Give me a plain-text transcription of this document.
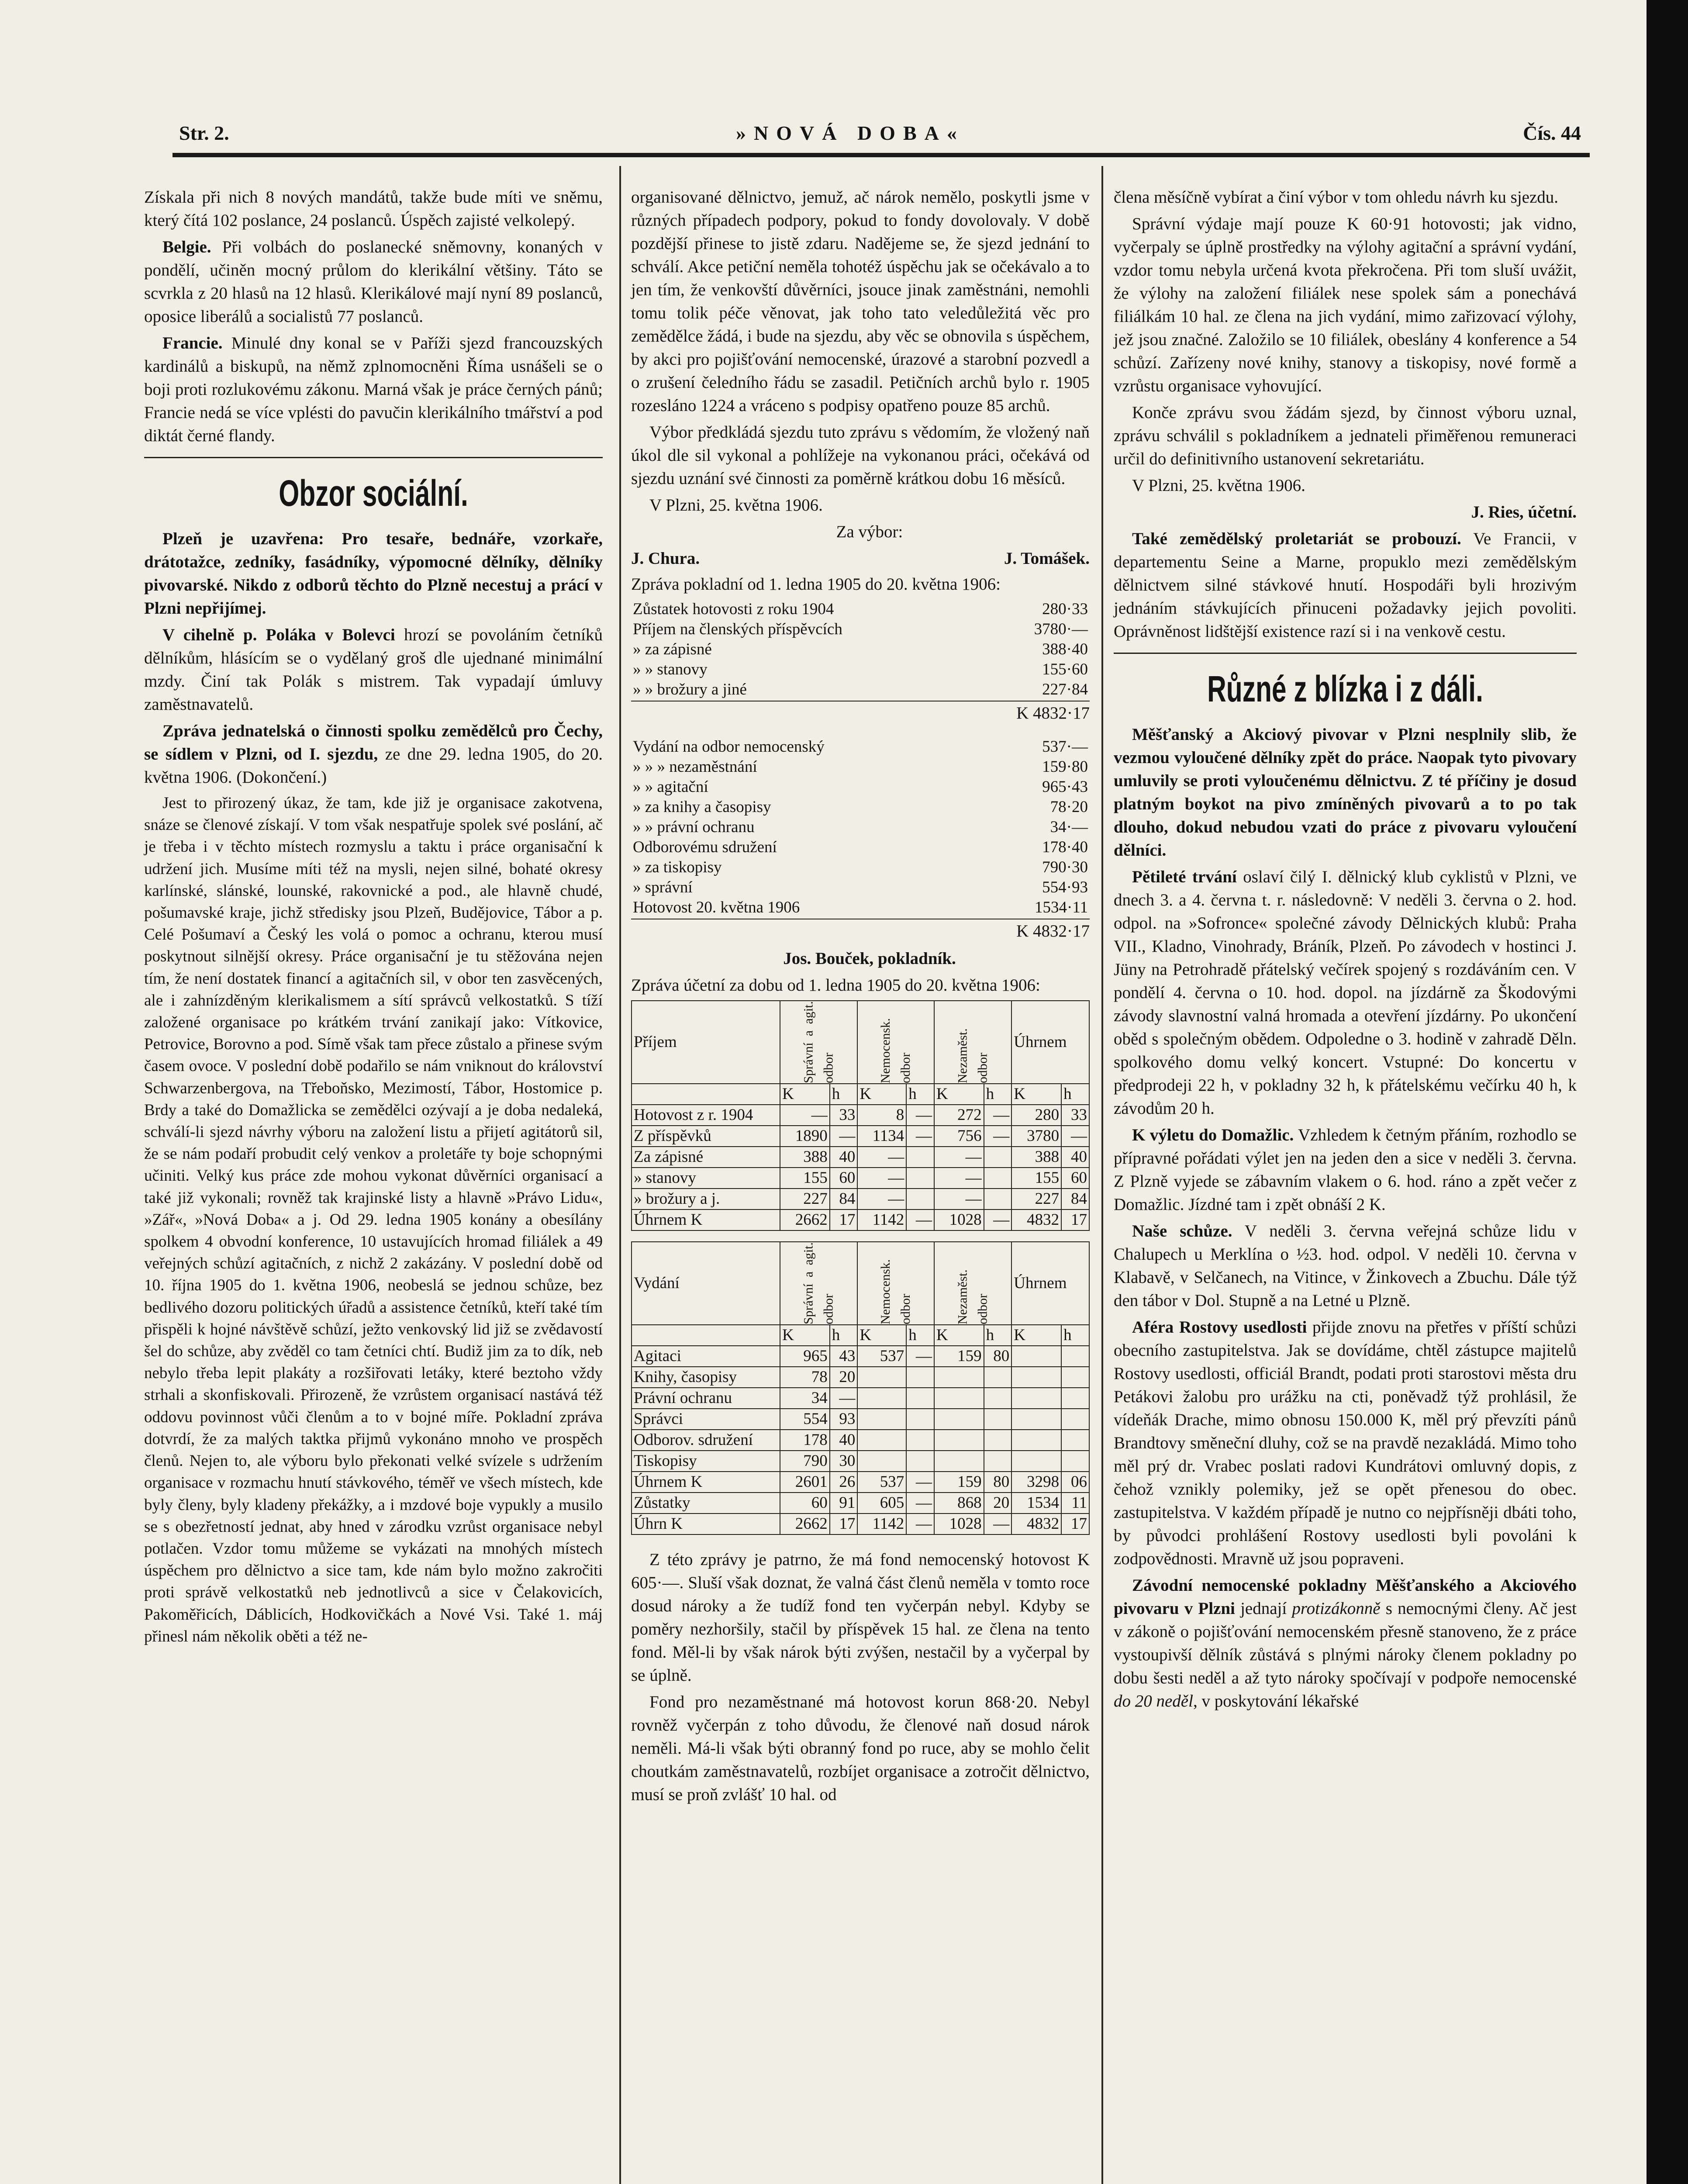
Str. 2.	»NOVÁ DOBA«	Čís. 44

Získala při nich 8 nových mandátů, takže bude míti ve sněmu, který čítá 102 poslance, 24 poslanců. Úspěch zajisté velkolepý.

Belgie. Při volbách do poslanecké sněmovny, konaných v pondělí, učiněn mocný průlom do klerikální většiny. Táto se scvrkla z 20 hlasů na 12 hlasů. Klerikálové mají nyní 89 poslanců, oposice liberálů a socialistů 77 poslanců.

Francie. Minulé dny konal se v Paříži sjezd francouzských kardinálů a biskupů, na němž zplnomocněni Říma usnášeli se o boji proti rozlukovému zákonu. Marná však je práce černých pánů; Francie nedá se více vplésti do pavučin klerikálního tmářství a pod diktát černé flandy.

Obzor sociální.

Plzeň je uzavřena: Pro tesaře, bednáře, vzorkaře, drátotažce, zedníky, fasádníky, výpomocné dělníky, dělníky pivovarské. Nikdo z odborů těchto do Plzně necestuj a prácí v Plzni nepřijímej.

V cihelně p. Poláka v Bolevci hrozí se povoláním četníků dělníkům, hlásícím se o vydělaný groš dle ujednané minimální mzdy. Činí tak Polák s mistrem. Tak vypadají úmluvy zaměstnavatelů.

Zpráva jednatelská o činnosti spolku zemědělců pro Čechy, se sídlem v Plzni, od I. sjezdu, ze dne 29. ledna 1905, do 20. května 1906. (Dokončení.)

Jest to přirozený úkaz, že tam, kde již je organisace zakotvena, snáze se členové získají. V tom však nespatřuje spolek své poslání, ač je třeba i v těchto místech rozmyslu a taktu i práce organisační k udržení jich. Musíme míti též na mysli, nejen silné, bohaté okresy karlínské, slánské, lounské, rakovnické a pod., ale hlavně chudé, pošumavské kraje, jichž středisky jsou Plzeň, Budějovice, Tábor a p. Celé Pošumaví a Český les volá o pomoc a ochranu, kterou musí poskytnout silnější okresy. Práce organisační je tu stěžována nejen tím, že není dostatek financí a agitačních sil, v obor ten zasvěcených, ale i zahnízděným klerikalismem a sítí správců velkostatků. S tíží založené organisace po krátkém trvání zanikají jako: Vítkovice, Petrovice, Borovno a pod. Símě však tam přece zůstalo a přinese svým časem ovoce. V poslední době podařilo se nám vniknout do království Schwarzenbergova, na Třeboňsko, Mezimostí, Tábor, Hostomice p. Brdy a také do Domažlicka se zemědělci ozývají a je doba nedaleká, schválí-li sjezd návrhy výboru na založení listu a přijetí agitátorů sil, že se nám podaří probudit celý venkov a proletáře ty boje schopnými učiniti. Velký kus práce zde mohou vykonat důvěrníci organisací a také již vykonali; rovněž tak krajinské listy a hlavně »Právo Lidu«, »Zář«, »Nová Doba« a j. Od 29. ledna 1905 konány a obesílány spolkem 4 obvodní konference, 10 ustavujících hromad filiálek a 49 veřejných schůzí agitačních, z nichž 2 zakázány. V poslední době od 10. října 1905 do 1. května 1906, neobeslá se jednou schůze, bez bedlivého dozoru politických úřadů a assistence četníků, kteří také tím přispěli k hojné návštěvě schůzí, ježto venkovský lid již se zvědavostí šel do schůze, aby zvěděl co tam četníci chtí. Budiž jim za to dík, neb nebylo třeba lepit plakáty a rozšiřovati letáky, které beztoho vždy strhali a skonfiskovali. Přirozeně, že vzrůstem organisací nastává též oddovu povinnost vůči členům a to v bojné míře. Pokladní zpráva dotvrdí, že za malých taktka přijmů vykonáno mnoho ve prospěch členů. Nejen to, ale výboru bylo překonati velké svízele s udržením organisace v rozmachu hnutí stávkového, téměř ve všech místech, kde byly členy, byly kladeny překážky, a i mzdové boje vypukly a musilo se s obezřetností jednat, aby hned v zárodku vzrůst organisace nebyl potlačen. Vzdor tomu můžeme se vykázati na mnohých místech úspěchem pro dělnictvo a sice tam, kde nám bylo možno zakročiti proti správě velkostatků neb jednotlivců a sice v Čelakovicích, Pakoměřicích, Dáblicích, Hodkovičkách a Nové Vsi. Také 1. máj přinesl nám několik oběti a též ne-

organisované dělnictvo, jemuž, ač nárok nemělo, poskytli jsme v různých případech podpory, pokud to fondy dovolovaly. V době pozdější přinese to jistě zdaru. Nadějeme se, že sjezd jednání to schválí. Akce petiční neměla tohotéž úspěchu jak se očekávalo a to jen tím, že venkovští důvěrníci, jsouce jinak zaměstnáni, nemohli tomu tolik péče věnovat, jak toho tato veledůležitá věc pro zemědělce žádá, i bude na sjezdu, aby věc se obnovila s úspěchem, by akci pro pojišťování nemocenské, úrazové a starobní pozvedl a o zrušení čeledního řádu se zasadil. Petičních archů bylo r. 1905 rozesláno 1224 a vráceno s podpisy opatřeno pouze 85 archů.

Výbor předkládá sjezdu tuto zprávu s vědomím, že vložený naň úkol dle sil vykonal a pohlížeje na vykonanou práci, očekává od sjezdu uznání své činnosti za poměrně krátkou dobu 16 měsíců.

V Plzni, 25. května 1906.

Za výbor:

J. Chura.	J. Tomášek.

Zpráva pokladní od 1. ledna 1905 do 20. května 1906:

Zůstatek hotovosti z roku 1904	280·33
Příjem na členských příspěvcích	3780·—
» za zápisné	388·40
» » stanovy	155·60
» » brožury a jiné	227·84
K 4832·17
Vydání na odbor nemocenský	537·—
» » » nezaměstnání	159·80
» » agitační	965·43
» za knihy a časopisy	78·20
» » právní ochranu	34·—
Odborovému sdružení	178·40
» za tiskopisy	790·30
» správní	554·93
Hotovost 20. května 1906	1534·11
K 4832·17

Jos. Bouček, pokladník.

Zpráva účetní za dobu od 1. ledna 1905 do 20. května 1906:

Příjem	Správní a agit. odbor		Nemocensk. odbor		Nezaměst. odbor		Úhrnem	
	K	h	K	h	K	h	K	h
Hotovost z r. 1904	—	33	8	—	272	—	280	33
Z příspěvků	1890	—	1134	—	756	—	3780	—
Za zápisné	388	40	—		—		388	40
» stanovy	155	60	—		—		155	60
» brožury a j.	227	84	—		—		227	84
Úhrnem K	2662	17	1142	—	1028	—	4832	17
Vydání	Správní a agit. odbor		Nemocensk. odbor		Nezaměst. odbor		Úhrnem	
	K	h	K	h	K	h	K	h
Agitaci	965	43	537	—	159	80		
Knihy, časopisy	78	20						
Právní ochranu	34	—						
Správci	554	93						
Odborov. sdružení	178	40						
Tiskopisy	790	30						
Úhrnem K	2601	26	537	—	159	80	3298	06
Zůstatky	60	91	605	—	868	20	1534	11
Úhrn K	2662	17	1142	—	1028	—	4832	17

Z této zprávy je patrno, že má fond nemocenský hotovost K 605·—. Sluší však doznat, že valná část členů neměla v tomto roce dosud nároky a že tudíž fond ten vyčerpán nebyl. Kdyby se poměry nezhoršily, stačil by příspěvek 15 hal. ze člena na tento fond. Měl-li by však nárok býti zvýšen, nestačil by a vyčerpal by se úplně.

Fond pro nezaměstnané má hotovost korun 868·20. Nebyl rovněž vyčerpán z toho důvodu, že členové naň dosud nárok neměli. Má-li však býti obranný fond po ruce, aby se mohlo čelit choutkám zaměstnavatelů, rozbíjet organisace a zotročit dělnictvo, musí se proň zvlášť 10 hal. od

člena měsíčně vybírat a činí výbor v tom ohledu návrh ku sjezdu.

Správní výdaje mají pouze K 60·91 hotovosti; jak vidno, vyčerpaly se úplně prostředky na výlohy agitační a správní vydání, vzdor tomu nebyla určená kvota překročena. Při tom sluší uvážit, že výlohy na založení filiálek nese spolek sám a ponechává filiálkám 10 hal. ze člena na jich vydání, mimo zařizovací výlohy, jež jsou značné. Založilo se 10 filiálek, obeslány 4 konference a 54 schůzí. Zařízeny nové knihy, stanovy a tiskopisy, nové formě a vzrůstu organisace vyhovující.

Konče zprávu svou žádám sjezd, by činnost výboru uznal, zprávu schválil s pokladníkem a jednateli přiměřenou remuneraci určil do definitivního ustanovení sekretariátu.

V Plzni, 25. května 1906.

J. Ries, účetní.

Také zemědělský proletariát se probouzí. Ve Francii, v departementu Seine a Marne, propuklo mezi zemědělským dělnictvem silné stávkové hnutí. Hospodáři byli hrozivým jednáním stávkujících přinuceni požadavky jejich povoliti. Oprávněnost lidštější existence razí si i na venkově cestu.

Různé z blízka i z dáli.

Měšťanský a Akciový pivovar v Plzni nesplnily slib, že vezmou vyloučené dělníky zpět do práce. Naopak tyto pivovary umluvily se proti vyloučenému dělnictvu. Z té příčiny je dosud platným boykot na pivo zmíněných pivovarů a to po tak dlouho, dokud nebudou vzati do práce z pivovaru vyloučení dělníci.

Pětileté trvání oslaví čilý I. dělnický klub cyklistů v Plzni, ve dnech 3. a 4. června t. r. následovně: V neděli 3. června o 2. hod. odpol. na »Sofronce« společné závody Dělnických klubů: Praha VII., Kladno, Vinohrady, Bráník, Plzeň. Po závodech v hostinci J. Jüny na Petrohradě přátelský večírek spojený s rozdáváním cen. V pondělí 4. června o 10. hod. dopol. na jízdárně za Škodovými závody slavnostní valná hromada a otevření jízdárny. Po ukončení oběd s společným obědem. Odpoledne o 3. hodině v zahradě Děln. spolkového domu velký koncert. Vstupné: Do koncertu v předprodeji 22 h, v pokladny 32 h, k přátelskému večírku 40 h, k závodům 20 h.

K výletu do Domažlic. Vzhledem k četným přáním, rozhodlo se přípravné pořádati výlet jen na jeden den a sice v neděli 3. června. Z Plzně vyjede se zábavním vlakem o 6. hod. ráno a zpět večer z Domažlic. Jízdné tam i zpět obnáší 2 K.

Naše schůze. V neděli 3. června veřejná schůze lidu v Chalupech u Merklína o ½3. hod. odpol. V neděli 10. června v Klabavě, v Selčanech, na Vitince, v Žinkovech a Zbuchu. Dále týž den tábor v Dol. Stupně a na Letné u Plzně.

Aféra Rostovy usedlosti přijde znovu na přetřes v příští schůzi obecního zastupitelstva. Jak se dovídáme, chtěl zástupce majitelů Rostovy usedlosti, officiál Brandt, podati proti starostovi města dru Petákovi žalobu pro urážku na cti, poněvadž týž prohlásil, že vídeňák Drache, mimo obnosu 150.000 K, měl prý převzíti pánů Brandtovy směneční dluhy, což se na pravdě nezakládá. Mimo toho měl prý dr. Vrabec poslati radovi Kundrátovi omluvný dopis, z čehož vznikly polemiky, jež se opět přenesou do obec. zastupitelstva. V každém případě je nutno co nejpřísněji dbáti toho, by původci prohlášení Rostovy usedlosti byli povoláni k zodpovědnosti. Mravně už jsou popraveni.

Závodní nemocenské pokladny Měšťanského a Akciového pivovaru v Plzni jednají protizákonně s nemocnými členy. Ač jest v zákoně o pojišťování nemocenském přesně stanoveno, že z práce vystoupivší dělník zůstává s plnými nároky členem pokladny po dobu šesti neděl a až tyto nároky spočívají v podpoře nemocenské do 20 neděl, v poskytování lékařské
